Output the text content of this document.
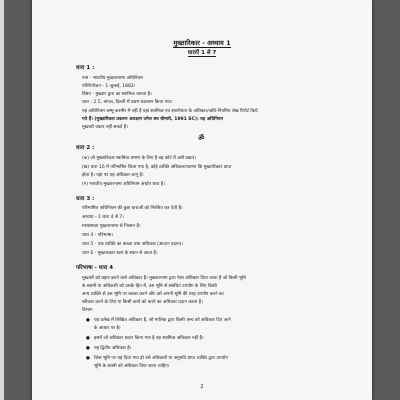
मुख्तारिकार - अध्याय 1
धाराएँ 1 से 7
धारा 1 :
नाम - भारतीय मुख्तारनामा अधिनियम
परिनियोजन - 1 जुलाई, 1882।
विषय - मुख्तार द्वारा का स्वामित्व बताता है।
धारा - 2.5, बंगाल, दिल्ली में प्रथम प्रकाशन किया गया।
यह अधिनियम जम्मू कश्मीर में नहीं है यहां स्वामित्व एवं स्थानीयता के अधिकार/अधि-नियमित लेख रिपोर्ट किये
गये हैं। (मुख्तारिकार प्रकरण आरक्षण उमेश बच बीमारी, 1991 SC)। यह अधिनियम
मुख्तारी प्रकार नहीं सकते हैं।
ॐ
धारा 2 :
(क) जो मुख्तारिकार स्वामित्व प्रमाण के लिए है वह कोर्ट में उसी प्रकार।
(ख) धारा 16 में परिभाषित किया गया है, कोई व्यक्ति अधिकार/धारणा कि मुख्तारिकार प्राप्त
होता है। यहां पर यह अधिकार लागू है।
(ग) भारतीय मुख्तारनामा अधिनियम अर्थात धारा है।
धारा 3 :
परिभाषित अधिनियम की कुछ धाराओं को निरसित कर देती है।
अध्याय - 1 धारा 4 से 7।
मध्यास्थता मुख्तारनामा से निरसन है।
धारा 4 - परिभाषा।
धारा 5 - एक व्यक्ति का कब्जा तथा अधिकार (आदान प्रदान)।
धारा 6 - मुख्तारकार स्वयं के स्थान से आता है।
परिभाषा - धारा 4
मुख्तारी को ग्रहण करने वाले अधिकार है। मुख्तारनामा द्वारा ऐसा अधिकार दिया जाता है जो किसी भूमि
के स्वामी या अधिकारी को उसके हित में, उस भूमि से संबंधित उपयोग के लिए किसी
अन्य व्यक्ति से उस भूमि पर कब्जा करने और उसे अपनी भूमि की तरह उपयोग करने का
स्वीकार करने के लिए या किसी कार्य को करने का अधिकार प्रदान करता है।
विभाग
● यह प्रलेख में लिखित अधिकार है, जो मालिक द्वारा किसी अन्य को अधिकार दिए जाने
के आधार पर है।
● इसमें जो अधिकार प्रदान किया गया है वह स्वामित्व अधिकार नहीं है।
● यह द्वितीय अधिकार है।
● जिस भूमि पर यह दिया गया हो उसे अधिकारी या अनुमति प्राप्त व्यक्ति द्वारा उपयोग
भूमि के स्वामी को अधिकार दिया जाना चाहिए।
2
